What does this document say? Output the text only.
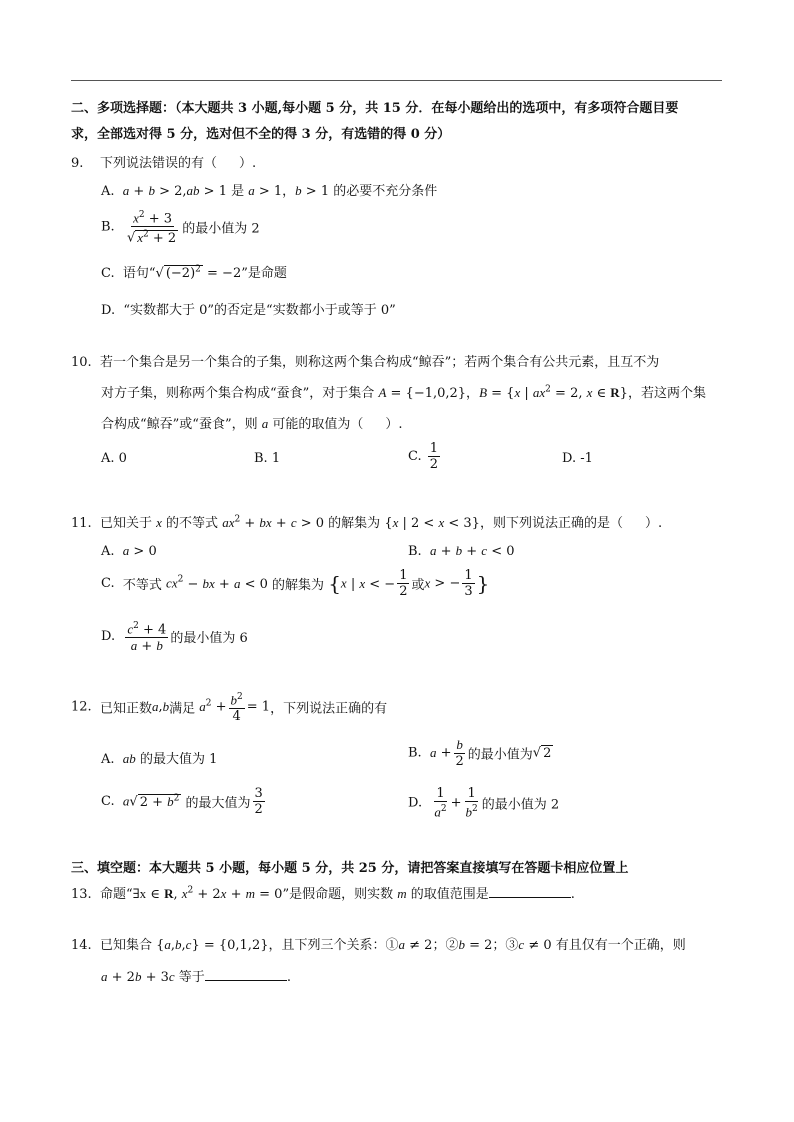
二、多项选择题：（本大题共 3 小题,每小题 5 分，共 15 分．在每小题给出的选项中，有多项符合题目要
求，全部选对得 5 分，选对但不全的得 3 分，有选错的得 0 分）
9. 下列说法错误的有（ ）.
A. a + b > 2,ab > 1 是 a > 1，b > 1 的必要不充分条件
B. $\frac{x^2 + 3}{√ x^2 + 2}$ 的最小值为 2
C. 语句“√ $(-2)^2 = -2$”是命题
D. “实数都大于 0”的否定是“实数都小于或等于 0”
10. 若一个集合是另一个集合的子集，则称这两个集合构成“鲸吞”；若两个集合有公共元素，且互不为
对方子集，则称两个集合构成“蚕食”，对于集合 A = {−1,0,2}，B = {x | $ax^2 = 2$, x ∈ R}，若这两个集
合构成“鲸吞”或“蚕食”，则 a 可能的取值为（ ）.
A. 0	B. 1	C. $\frac{1}{2}$	D. -1
11. 已知关于 x 的不等式 $ax^2$ + bx + c > 0 的解集为 {x | 2 < x < 3}，则下列说法正确的是（ ）.
A. a > 0	B. a + b + c < 0
C. 不等式 $cx^2$ − bx + a < 0 的解集为 {x | x < − $\frac{1}{2}$ 或x > − $\frac{1}{3}$ }
D. $\frac{c^2 + 4}{a + b}$ 的最小值为 6
12. 已知正数a,b满足 $a^2 + \frac{b^2}{4} = 1$，下列说法正确的有
A. ab 的最大值为 1	B. $a + \frac{b}{2}$ 的最小值为√ 2
C. a√ $2 + b^2$ 的最大值为 $\frac{3}{2}$	D. $\frac{1}{a^2} + \frac{1}{b^2}$ 的最小值为 2
三、填空题：本大题共 5 小题，每小题 5 分，共 25 分，请把答案直接填写在答题卡相应位置上
13. 命题“∃x ∈ R, $x^2 + 2x + m = 0$”是假命题，则实数 m 的取值范围是	.
14. 已知集合 {a,b,c} = {0,1,2}，且下列三个关系：①a ≠ 2；②b = 2；③c ≠ 0 有且仅有一个正确，则
a + 2b + 3c 等于	.
